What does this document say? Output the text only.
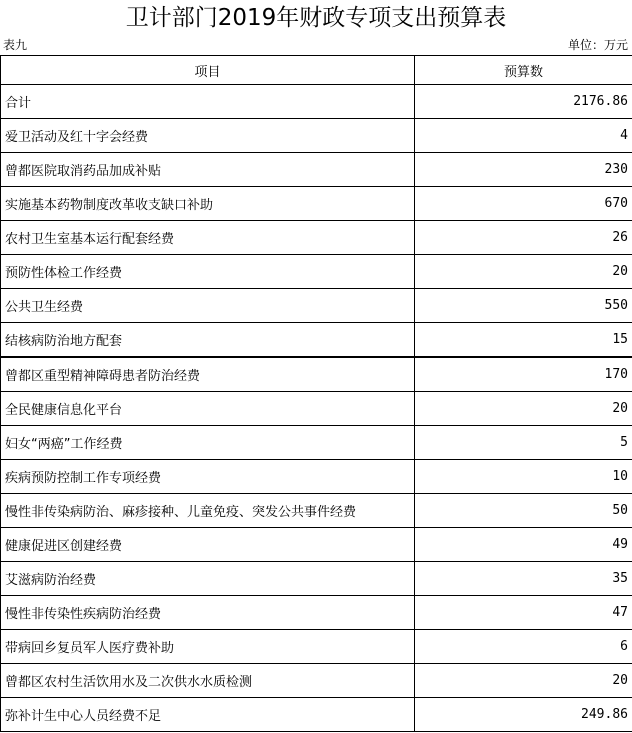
卫计部门2019年财政专项支出预算表
表九	单位：万元
项目	预算数
合计	2176.86
爱卫活动及红十字会经费	4
曾都医院取消药品加成补贴	230
实施基本药物制度改革收支缺口补助	670
农村卫生室基本运行配套经费	26
预防性体检工作经费	20
公共卫生经费	550
结核病防治地方配套	15
曾都区重型精神障碍患者防治经费	170
全民健康信息化平台	20
妇女“两癌”工作经费	5
疾病预防控制工作专项经费	10
慢性非传染病防治、麻疹接种、儿童免疫、突发公共事件经费	50
健康促进区创建经费	49
艾滋病防治经费	35
慢性非传染性疾病防治经费	47
带病回乡复员军人医疗费补助	6
曾都区农村生活饮用水及二次供水水质检测	20
弥补计生中心人员经费不足	249.86
